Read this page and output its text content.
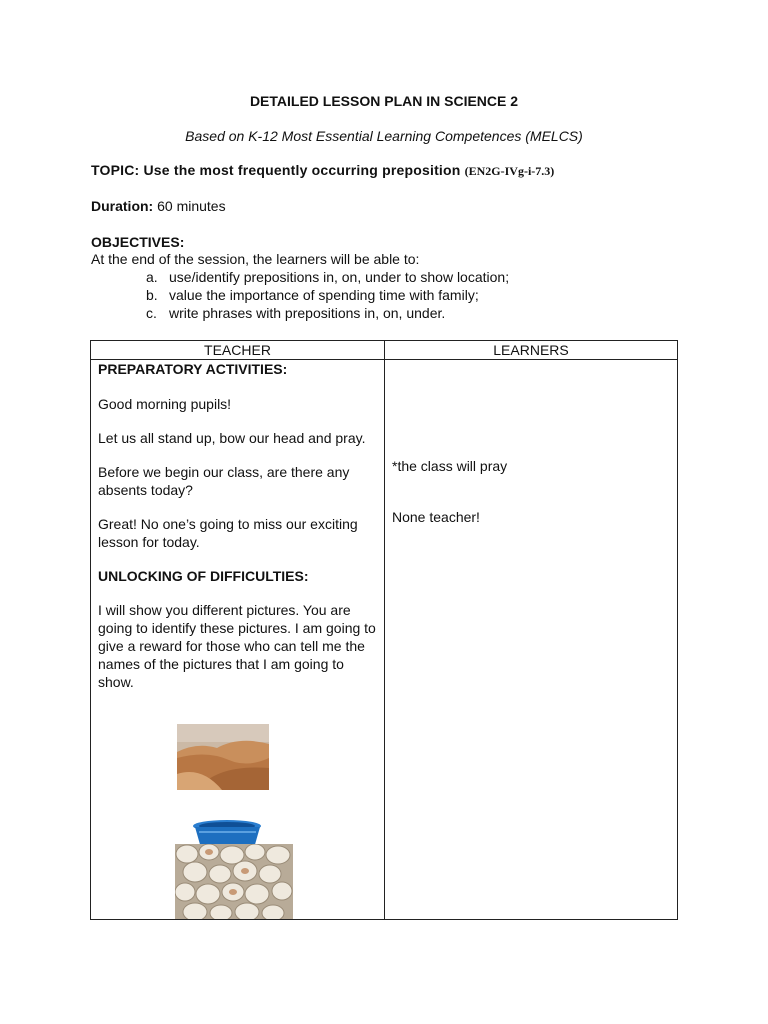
DETAILED LESSON PLAN IN SCIENCE 2
Based on K-12 Most Essential Learning Competences (MELCS)
TOPIC: Use the most frequently occurring preposition (EN2G-IVg-i-7.3)
Duration: 60 minutes
OBJECTIVES:
At the end of the session, the learners will be able to:
a. use/identify prepositions in, on, under to show location;
b. value the importance of spending time with family;
c. write phrases with prepositions in, on, under.
TEACHER	LEARNERS

PREPARATORY ACTIVITIES:

Good morning pupils!

Let us all stand up, bow our head and pray.

Before we begin our class, are there any absents today?

Great! No one’s going to miss our exciting lesson for today.

UNLOCKING OF DIFFICULTIES:

I will show you different pictures. You are going to identify these pictures. I am going to give a reward for those who can tell me the names of the pictures that I am going to show.

*the class will pray
None teacher!
